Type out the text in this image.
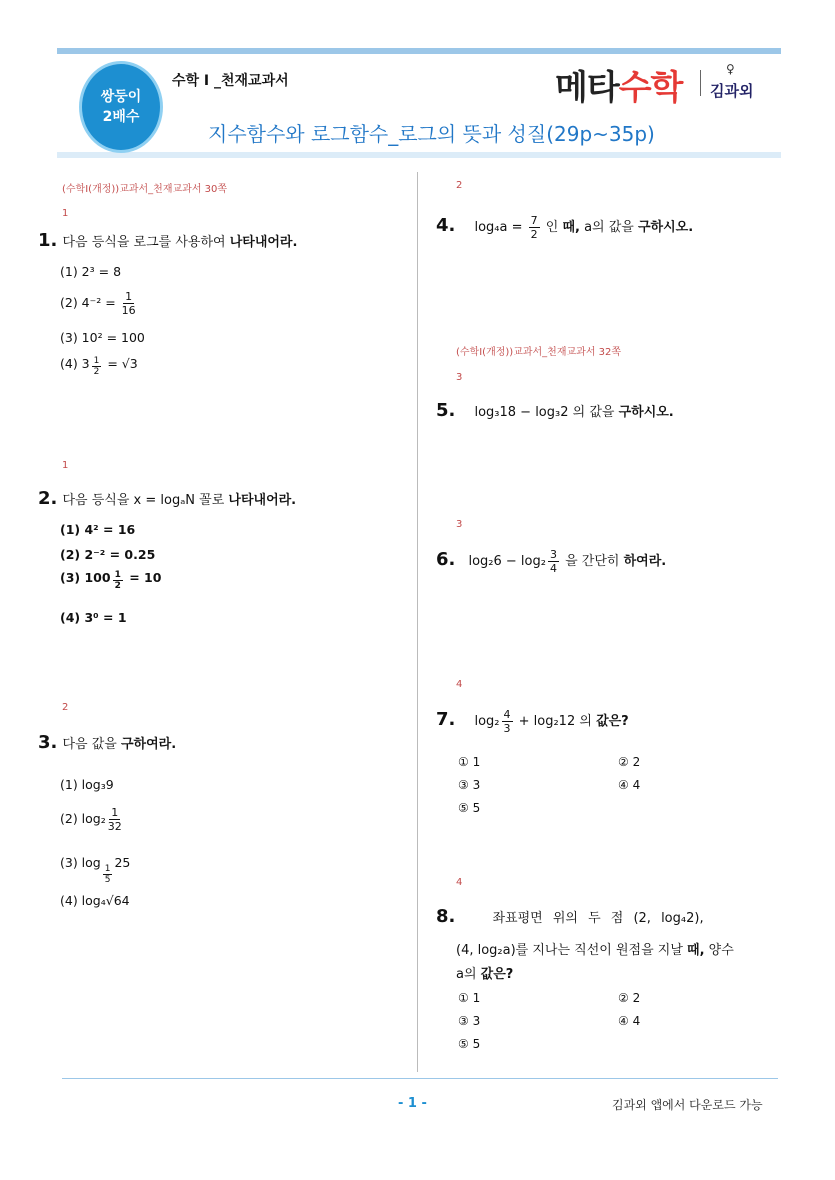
쌍둥이
2배수
수학 I _천재교과서	메타수학	♀
김과외
지수함수와 로그함수_로그의 뜻과 성질(29p~35p)
(수학I(개정))교과서_천재교과서 30쪽
1
1. 다음 등식을 로그를 사용하여 나타내어라.
(1) 2³ = 8
(2) $4^{-2} = \frac{1}{16}$
(3) 10² = 100
(4) $3 \frac{1}{2} = √3$
1
2. 다음 등식을 x = logₐN 꼴로 나타내어라.
(1) 4² = 16
(2) 2⁻² = 0.25
(3) $100 \frac{1}{2} = 10$
(4) 3⁰ = 1
2
3. 다음 값을 구하여라.
(1) log₃9
(2) $\log_2 \frac{1}{32}$
(3) log
$\frac{1}{5}$
25
(4) log₄√64
2
4. $\log_4a = \frac{7}{2}$ 인 때, a의 값을 구하시오.
(수학I(개정))교과서_천재교과서 32쪽
3
5. log₃18 − log₃2 의 값을 구하시오.
3
6. $\log_26 - \log_2 \frac{3}{4}$ 을 간단히 하여라.
4
7. $\log_2 \frac{4}{3} + \log_212$ 의 값은?
① 1	② 2
③ 3	④ 4
⑤ 5
4
8.	좌표평면 위의 두 점 (2, log₄2),
(4, log₂a)를 지나는 직선이 원점을 지날 때, 양수
a의 값은?
① 1	② 2
③ 3	④ 4
⑤ 5
- 1 -	김과외 앱에서 다운로드 가능
